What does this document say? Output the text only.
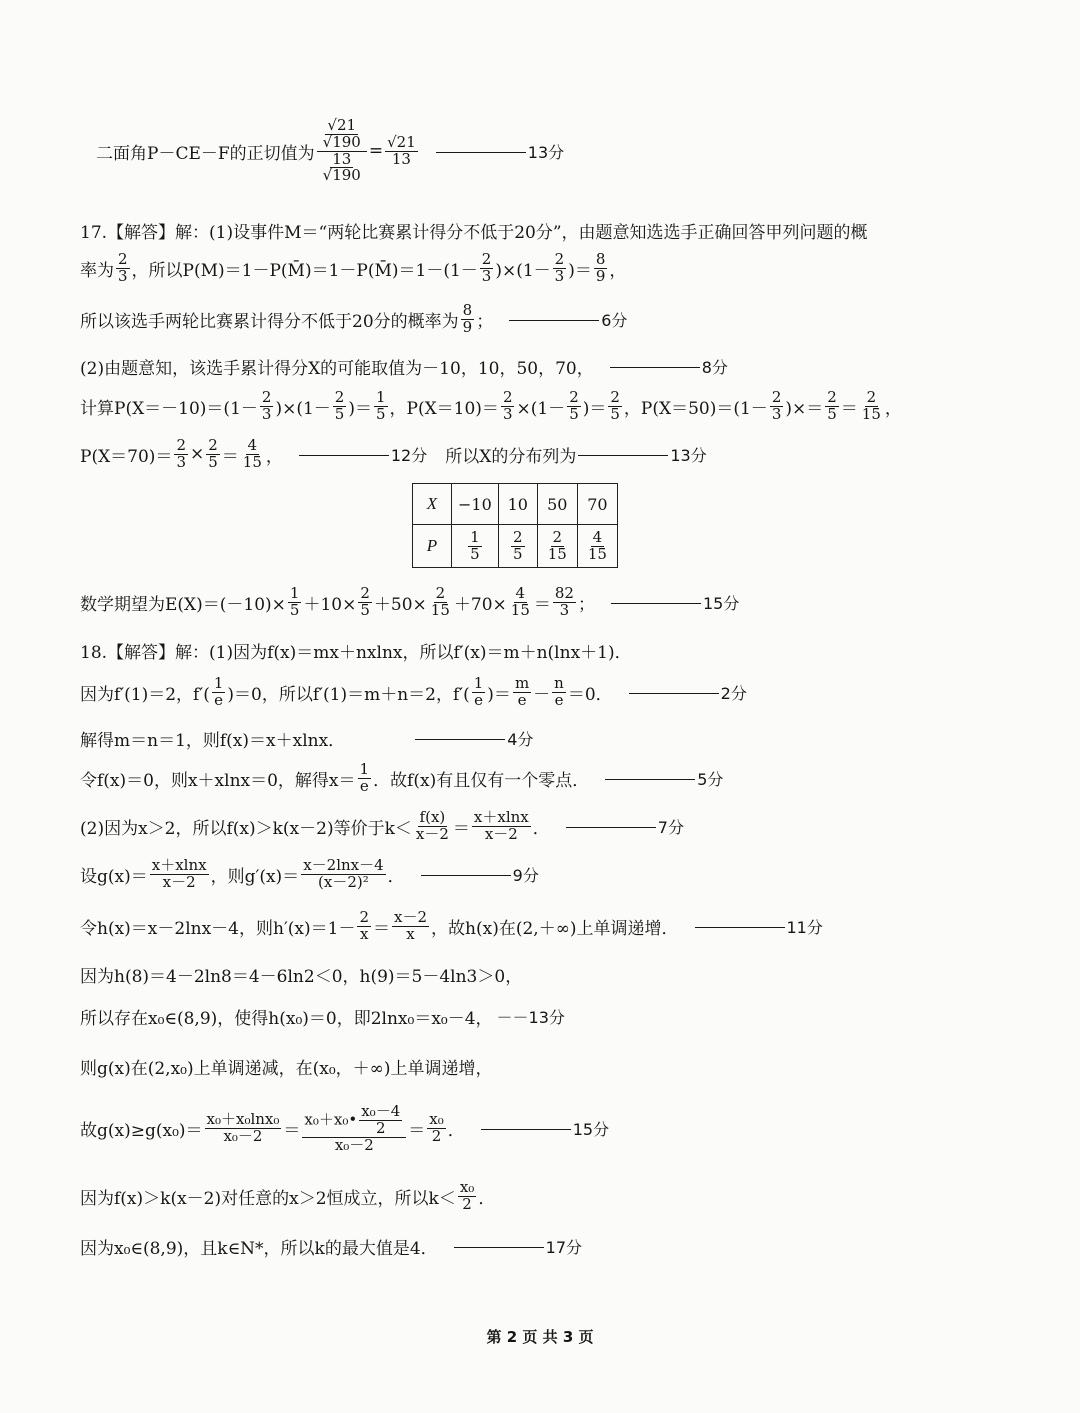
二面角P－CE－F的正切值为 $\frac{\frac{√21}{√190}}{\frac{13}{√190}} = \frac{√21}{13}$	13分
17.【解答】解：(1)设事件M＝“两轮比赛累计得分不低于20分”，由题意知选选手正确回答甲列问题的概
率为 $\frac{2}{3}$ ，所以P(M)＝1－P(M̄)＝1－P(M̄)＝1－(1－ $\frac{2}{3} )\times(1- \frac{2}{3}$ )＝ $\frac{8}{9}$ ，
所以该选手两轮比赛累计得分不低于20分的概率为 $\frac{8}{9}$ ；	6分
(2)由题意知，该选手累计得分X的可能取值为－10，10，50，70，	8分
计算$P(X=-10)=(1- \frac{2}{3} )\times(1- \frac{2}{5}$ )＝ $\frac{1}{5}$ ，$P(X=10)= \frac{2}{3} \times(1- \frac{2}{5}$ )＝ $\frac{2}{5}$ ，$P(X=50)=(1- \frac{2}{3}$ )×＝ $\frac{2}{5} = \frac{2}{15}$ ，
$P(X=70)= \frac{2}{3} \times \frac{2}{5} = \frac{4}{15}$ ，	12分 所以X的分布列为	13分
X	−10	10	50	70
P	$\frac{1}{5}$	$\frac{2}{5}$	$\frac{2}{15}$	$\frac{4}{15}$
数学期望为$E(X)=(-10)\times \frac{1}{5} +10\times \frac{2}{5} +50\times \frac{2}{15} +70\times \frac{4}{15} = \frac{82}{3}$ ；	15分
18.【解答】解：(1)因为f(x)＝mx＋nxlnx，所以f′(x)＝m＋n(lnx＋1)．
因为f′(1)＝2，$f'( \frac{1}{e} )=0$，所以f′(1)＝m＋n＝2，$f'( \frac{1}{e}$ )＝ $\frac{m}{e} - \frac{n}{e} =0$．	2分
解得m＝n＝1，则f(x)＝x＋xlnx．	4分
令f(x)＝0，则x＋xlnx＝0，解得$x= \frac{1}{e}$ ．故f(x)有且仅有一个零点．	5分
(2)因为x＞2，所以f(x)＞k(x－2)等价于$k< \frac{f(x)}{x-2} = \frac{x+xlnx}{x-2}$ ．	7分
设$g(x)= \frac{x+xlnx}{x-2}$ ，则$g'(x)= \frac{x-2\ln x-4}{\text{(x－2)²}}$ ．	9分
令h(x)＝x－2lnx－4，则$h'(x)=1- \frac{2}{x} = \frac{x-2}{x}$ ，故h(x)在(2,＋∞)上单调递增．	11分
因为h(8)＝4－2ln8＝4－6ln2＜0，h(9)＝5－4ln3＞0，
所以存在x₀∈(8,9)，使得h(x₀)＝0，即2lnx₀＝x₀－4， －－13分
则g(x)在(2,x₀)上单调递减，在(x₀，＋∞)上单调递增，
故$g(x)\ge g(x_0)= \frac{\text{x₀＋x₀lnx₀}}{\text{x₀－2}} = \frac{x_0+x_0• \frac{\text{x₀－4}}{2}}{\text{x₀－2}} = \frac{\text{x₀}}{2}$ ．	15分
因为f(x)＞k(x－2)对任意的x＞2恒成立，所以$k< \frac{\text{x₀}}{2}$ ．
因为x₀∈(8,9)，且k∈N*，所以k的最大值是4．	17分
第 2 页 共 3 页
